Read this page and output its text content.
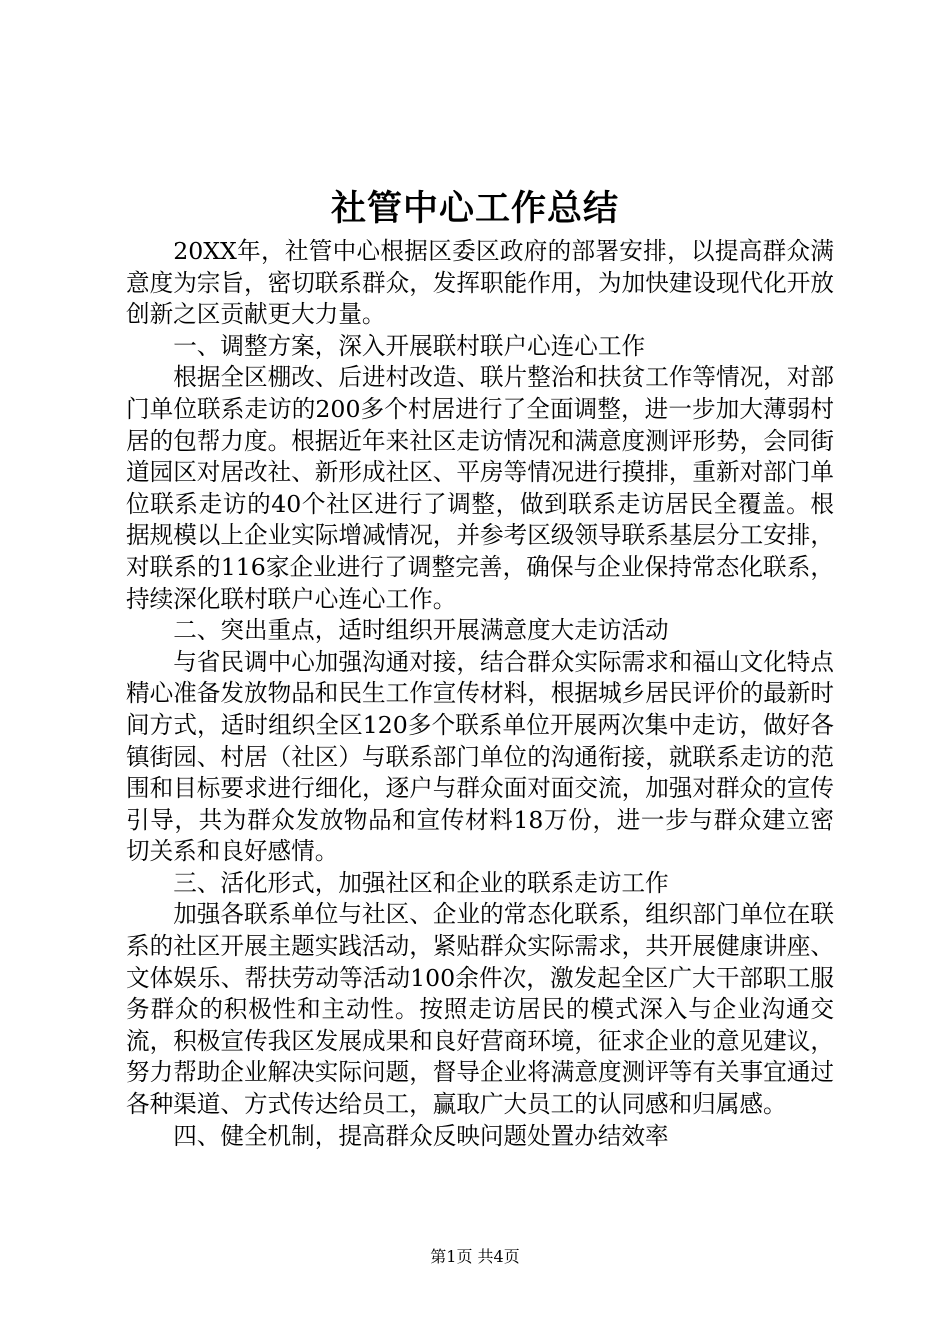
社管中心工作总结

20XX年，社管中心根据区委区政府的部署安排，以提高群众满意度为宗旨，密切联系群众，发挥职能作用，为加快建设现代化开放创新之区贡献更大力量。

一、调整方案，深入开展联村联户心连心工作

根据全区棚改、后进村改造、联片整治和扶贫工作等情况，对部门单位联系走访的200多个村居进行了全面调整，进一步加大薄弱村居的包帮力度。根据近年来社区走访情况和满意度测评形势，会同街道园区对居改社、新形成社区、平房等情况进行摸排，重新对部门单位联系走访的40个社区进行了调整，做到联系走访居民全覆盖。根据规模以上企业实际增减情况，并参考区级领导联系基层分工安排，对联系的116家企业进行了调整完善，确保与企业保持常态化联系，持续深化联村联户心连心工作。

二、突出重点，适时组织开展满意度大走访活动

与省民调中心加强沟通对接，结合群众实际需求和福山文化特点精心准备发放物品和民生工作宣传材料，根据城乡居民评价的最新时间方式，适时组织全区120多个联系单位开展两次集中走访，做好各镇街园、村居（社区）与联系部门单位的沟通衔接，就联系走访的范围和目标要求进行细化，逐户与群众面对面交流，加强对群众的宣传引导，共为群众发放物品和宣传材料18万份，进一步与群众建立密切关系和良好感情。

三、活化形式，加强社区和企业的联系走访工作

加强各联系单位与社区、企业的常态化联系，组织部门单位在联系的社区开展主题实践活动，紧贴群众实际需求，共开展健康讲座、文体娱乐、帮扶劳动等活动100余件次，激发起全区广大干部职工服务群众的积极性和主动性。按照走访居民的模式深入与企业沟通交流，积极宣传我区发展成果和良好营商环境，征求企业的意见建议，努力帮助企业解决实际问题，督导企业将满意度测评等有关事宜通过各种渠道、方式传达给员工，赢取广大员工的认同感和归属感。

四、健全机制，提高群众反映问题处置办结效率

第1页 共4页
